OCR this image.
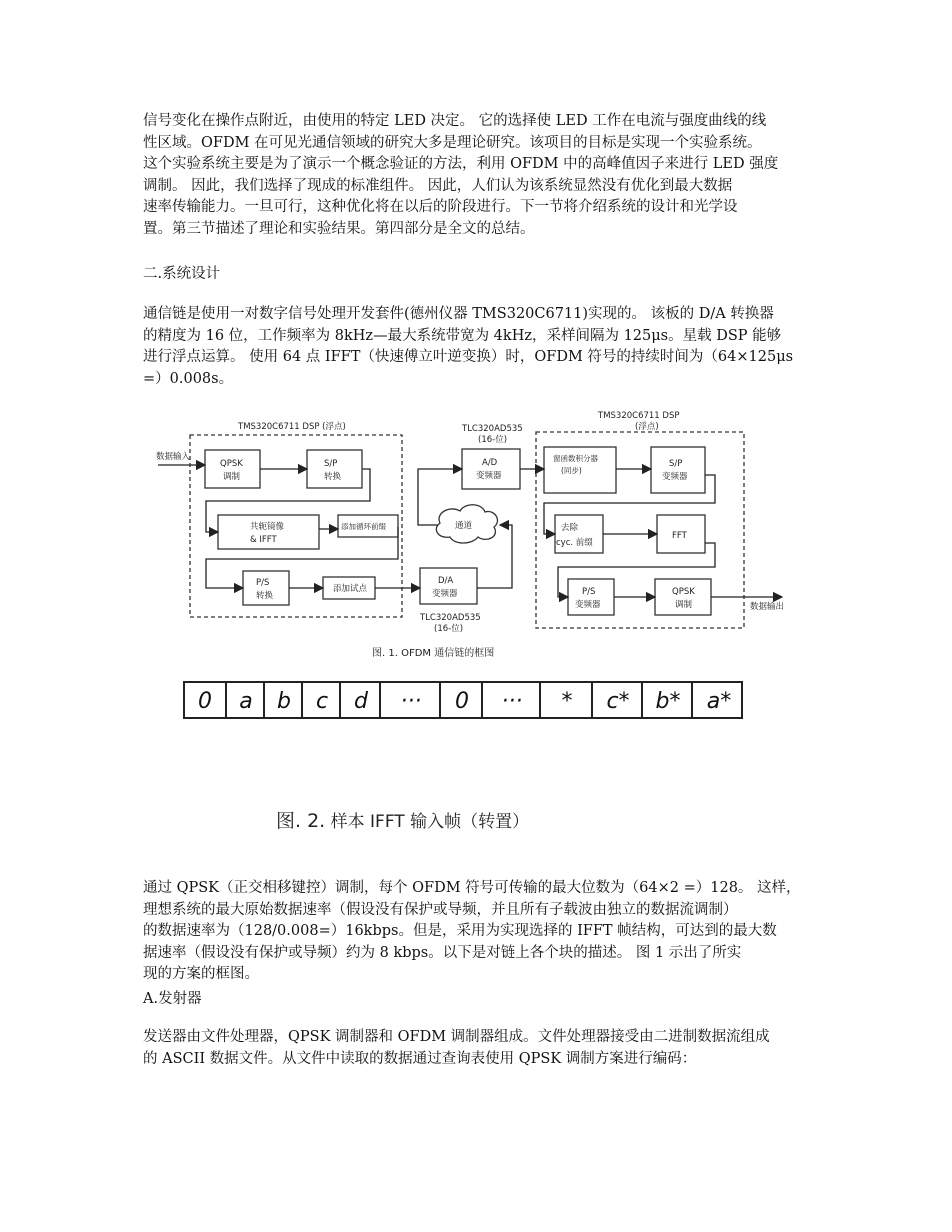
信号变化在操作点附近，由使用的特定 LED 决定。 它的选择使 LED 工作在电流与强度曲线的线
性区域。OFDM 在可见光通信领域的研究大多是理论研究。该项目的目标是实现一个实验系统。
这个实验系统主要是为了演示一个概念验证的方法，利用 OFDM 中的高峰值因子来进行 LED 强度
调制。 因此，我们选择了现成的标准组件。 因此，人们认为该系统显然没有优化到最大数据
速率传输能力。一旦可行，这种优化将在以后的阶段进行。下一节将介绍系统的设计和光学设
置。第三节描述了理论和实验结果。第四部分是全文的总结。
二.系统设计
通信链是使用一对数字信号处理开发套件(德州仪器 TMS320C6711)实现的。 该板的 D/A 转换器
的精度为 16 位，工作频率为 8kHz—最大系统带宽为 4kHz，采样间隔为 125μs。星载 DSP 能够
进行浮点运算。 使用 64 点 IFFT（快速傅立叶逆变换）时，OFDM 符号的持续时间为（64×125μs
=）0.008s。
TMS320C6711 DSP (浮点)
TMS320C6711 DSP
(浮点)
TLC320AD535
(16-位)
TLC320AD535
(16-位)
数据输入
数据输出
通道
QPSK
调制
S/P
转换
共轭镜像
& IFFT
添加循环前缀
P/S
转换
添加试点
D/A
变频器
A/D
变频器
窗函数积分器
(同步)
S/P
变频器
去除
cyc. 前缀
FFT
P/S
变频器
QPSK
调制
图. 1. OFDM 通信链的框图
0	a	b	c	d	···	0	···	*	c*	b*	a*
图. 2. 样本 IFFT 输入帧（转置）
通过 QPSK（正交相移键控）调制，每个 OFDM 符号可传输的最大位数为（64×2 =）128。 这样，
理想系统的最大原始数据速率（假设没有保护或导频，并且所有子载波由独立的数据流调制）
的数据速率为（128/0.008=）16kbps。但是，采用为实现选择的 IFFT 帧结构，可达到的最大数
据速率（假设没有保护或导频）约为 8 kbps。以下是对链上各个块的描述。 图 1 示出了所实
现的方案的框图。
A.发射器
发送器由文件处理器，QPSK 调制器和 OFDM 调制器组成。文件处理器接受由二进制数据流组成
的 ASCII 数据文件。从文件中读取的数据通过查询表使用 QPSK 调制方案进行编码：
